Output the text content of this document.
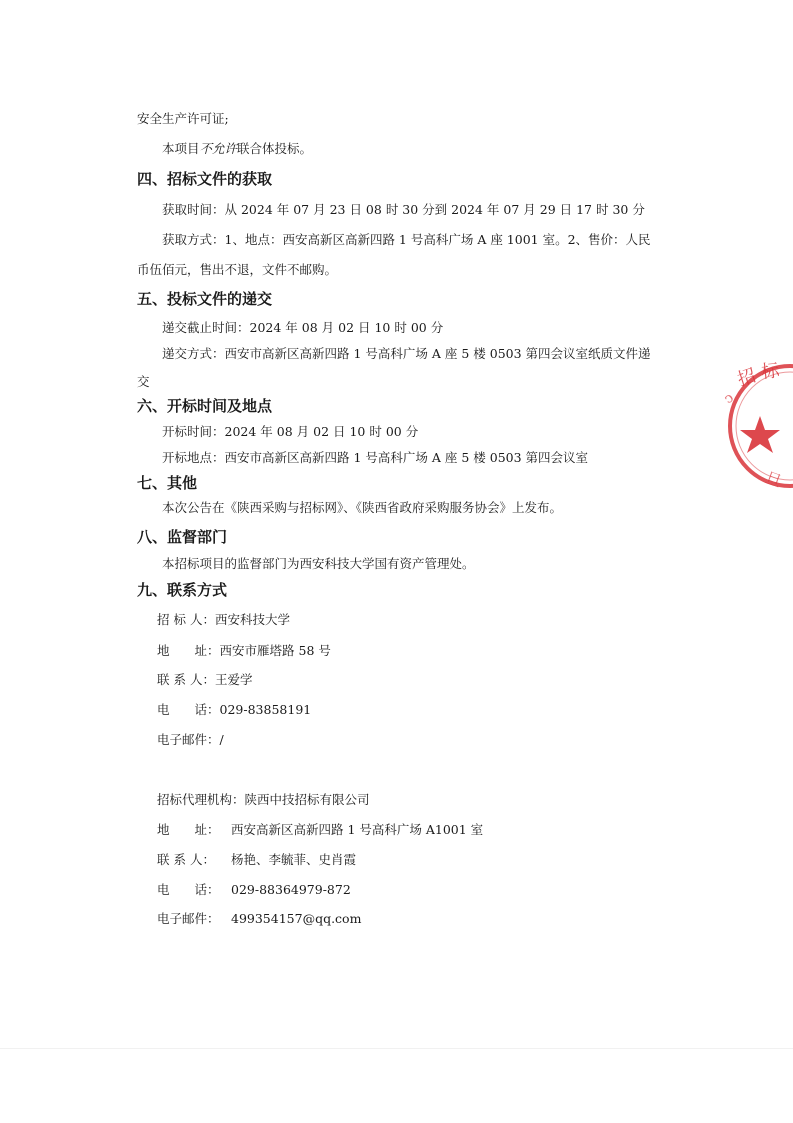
安全生产许可证;
本项目不允许联合体投标。
四、招标文件的获取
获取时间：从 2024 年 07 月 23 日 08 时 30 分到 2024 年 07 月 29 日 17 时 30 分
获取方式：1、地点：西安高新区高新四路 1 号高科广场 A 座 1001 室。2、售价：人民
币伍佰元，售出不退，文件不邮购。
五、投标文件的递交
递交截止时间：2024 年 08 月 02 日 10 时 00 分
递交方式：西安市高新区高新四路 1 号高科广场 A 座 5 楼 0503 第四会议室纸质文件递
交
六、开标时间及地点
开标时间：2024 年 08 月 02 日 10 时 00 分
开标地点：西安市高新区高新四路 1 号高科广场 A 座 5 楼 0503 第四会议室
七、其他
本次公告在《陕西采购与招标网》、《陕西省政府采购服务协会》上发布。
八、监督部门
本招标项目的监督部门为西安科技大学国有资产管理处。
九、联系方式
招 标 人：西安科技大学
地　　址：西安市雁塔路 58 号
联 系 人：王爱学
电　　话：029-83858191
电子邮件：/
招标代理机构：陕西中技招标有限公司
地　　址： 西安高新区高新四路 1 号高科广场 A1001 室
联 系 人： 杨艳、李毓菲、史肖霞
电　　话： 029-88364979-872
电子邮件： 499354157@qq.com
招 标
ↄ
旦
